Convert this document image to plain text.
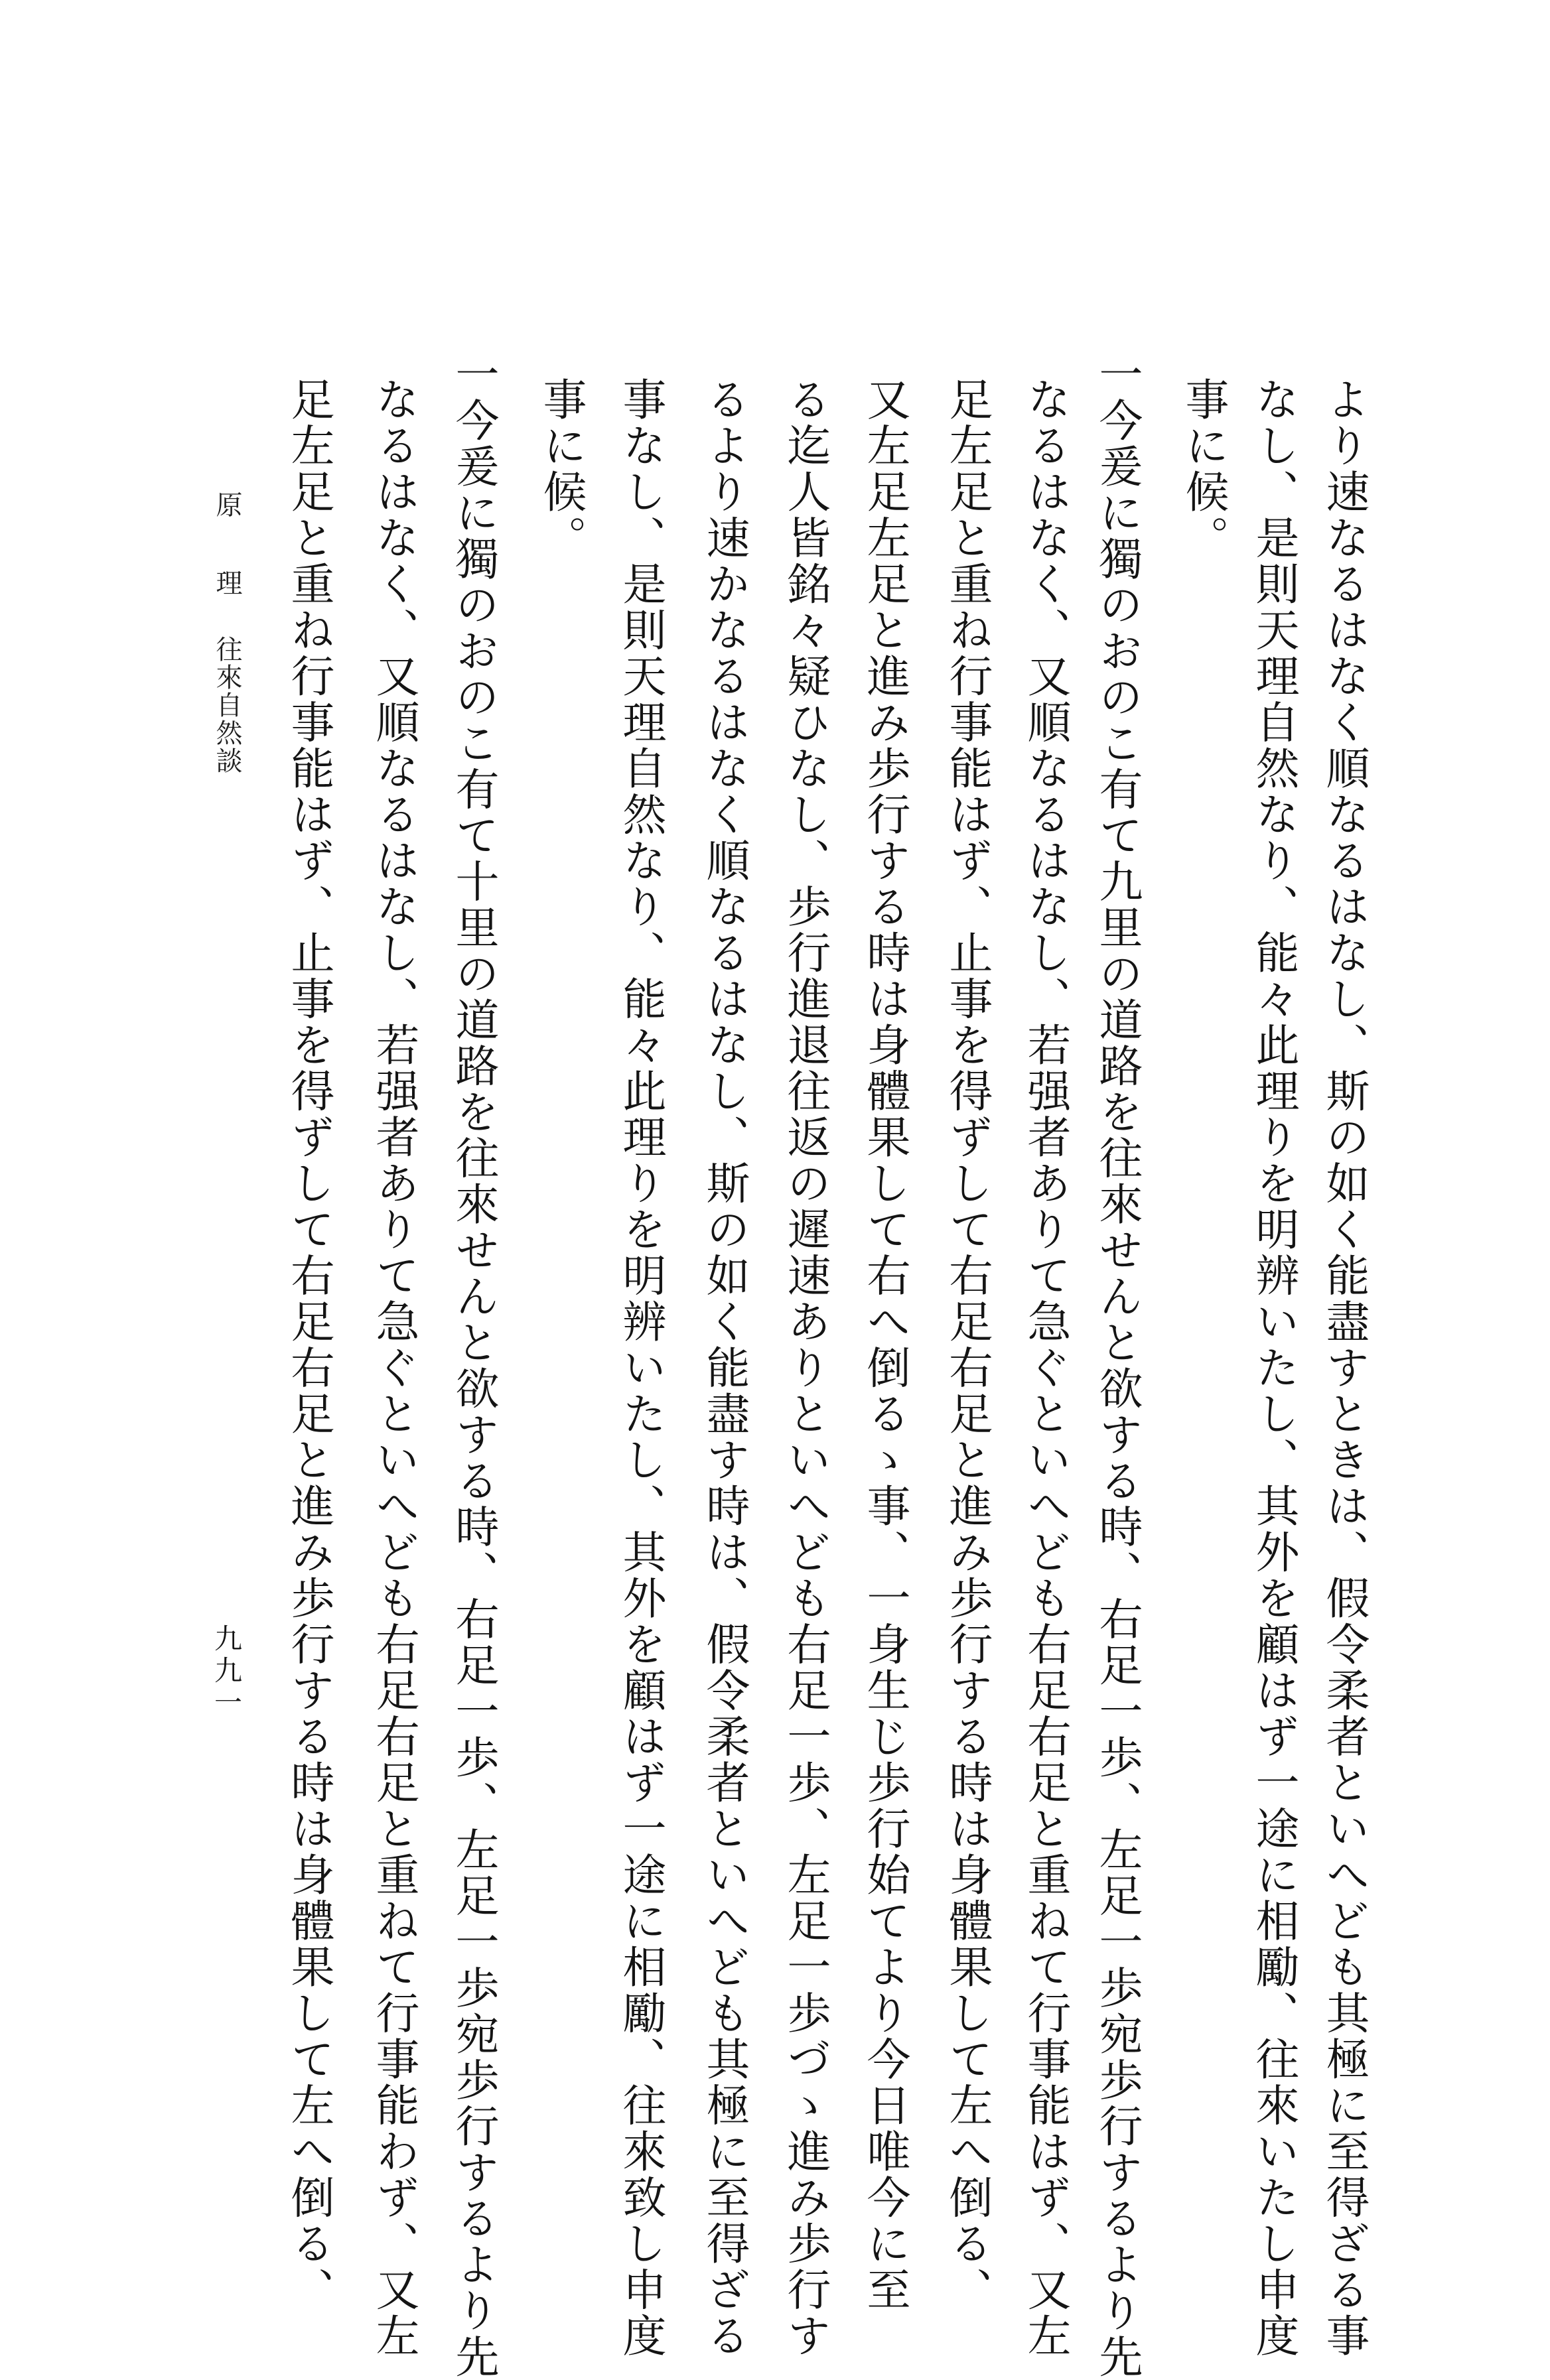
より速なるはなく順なるはなし、斯の如く能盡すときは、假令柔者といへども其極に至得ざる事
なし、是則天理自然なり、能々此理りを明辨いたし、其外を顧はず一途に相勵、往來いたし申度
事に候。
一今爰に獨のおのこ有て九里の道路を往來せんと欲する時、右足一歩、左足一歩宛歩行するより先
なるはなく、又順なるはなし、若强者ありて急ぐといへども右足右足と重ねて行事能はず、又左
足左足と重ね行事能はず、止事を得ずして右足右足と進み歩行する時は身體果して左へ倒る、
又左足左足と進み歩行する時は身體果して右へ倒るゝ事、一身生じ歩行始てより今日唯今に至
る迄人皆銘々疑ひなし、歩行進退往返の遲速ありといへども右足一歩、左足一歩づゝ進み歩行す
るより速かなるはなく順なるはなし、斯の如く能盡す時は、假令柔者といへども其極に至得ざる
事なし、是則天理自然なり、能々此理りを明辨いたし、其外を顧はず一途に相勵、往來致し申度
事に候。
一今爰に獨のおのこ有て十里の道路を往來せんと欲する時、右足一歩、左足一歩宛歩行するより先
なるはなく、又順なるはなし、若强者ありて急ぐといへども右足右足と重ねて行事能わず、又左
足左足と重ね行事能はず、止事を得ずして右足右足と進み歩行する時は身體果して左へ倒る、
原 理
往來自然談
九九一
